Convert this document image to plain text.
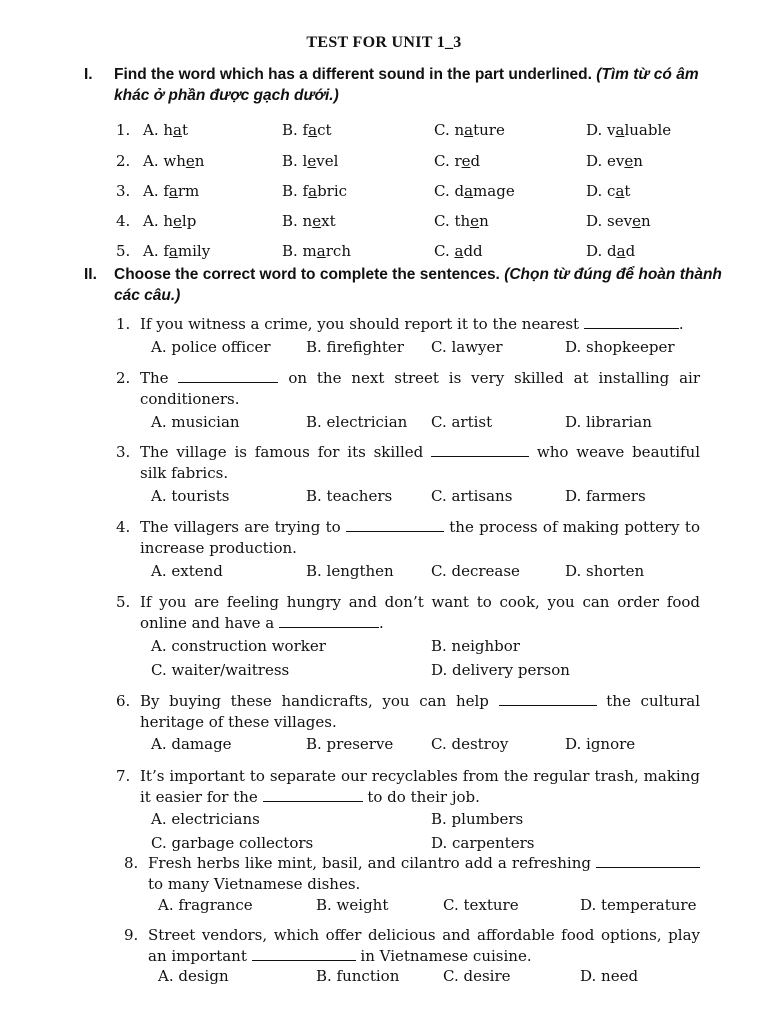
TEST FOR UNIT 1_3
I. Find the word which has a different sound in the part underlined. (Tìm từ có âm khác ở phần được gạch dưới.)
1. A. hat	B. fact	C. nature	D. valuable
2. A. when	B. level	C. red	D. even
3. A. farm	B. fabric	C. damage	D. cat
4. A. help	B. next	C. then	D. seven
5. A. family	B. march	C. add	D. dad
II. Choose the correct word to complete the sentences. (Chọn từ đúng để hoàn thành các câu.)
1. If you witness a crime, you should report it to the nearest	.
A. police officer B. firefighter C. lawyer	D. shopkeeper
2. The	on the next street is very skilled at installing air conditioners.
A. musician	B. electrician C. artist	D. librarian
3. The village is famous for its skilled	who weave beautiful silk fabrics.
A. tourists	B. teachers	C. artisans	D. farmers
4. The villagers are trying to	the process of making pottery to increase production.
A. extend	B. lengthen C. decrease	D. shorten
5. If you are feeling hungry and don’t want to cook, you can order food online and have a	.
A. construction worker	B. neighbor
C. waiter/waitress	D. delivery person
6. By buying these handicrafts, you can help	the cultural heritage of these villages.
A. damage	B. preserve	C. destroy	D. ignore
7. It’s important to separate our recyclables from the regular trash, making it easier for the	to do their job.
A. electricians	B. plumbers
C. garbage collectors	D. carpenters
8. Fresh herbs like mint, basil, and cilantro add a refreshing  to many Vietnamese dishes.
A. fragrance	B. weight	C. texture	D. temperature
9. Street vendors, which offer delicious and affordable food options, play an important	in Vietnamese cuisine.
A. design	B. function	C. desire	D. need
